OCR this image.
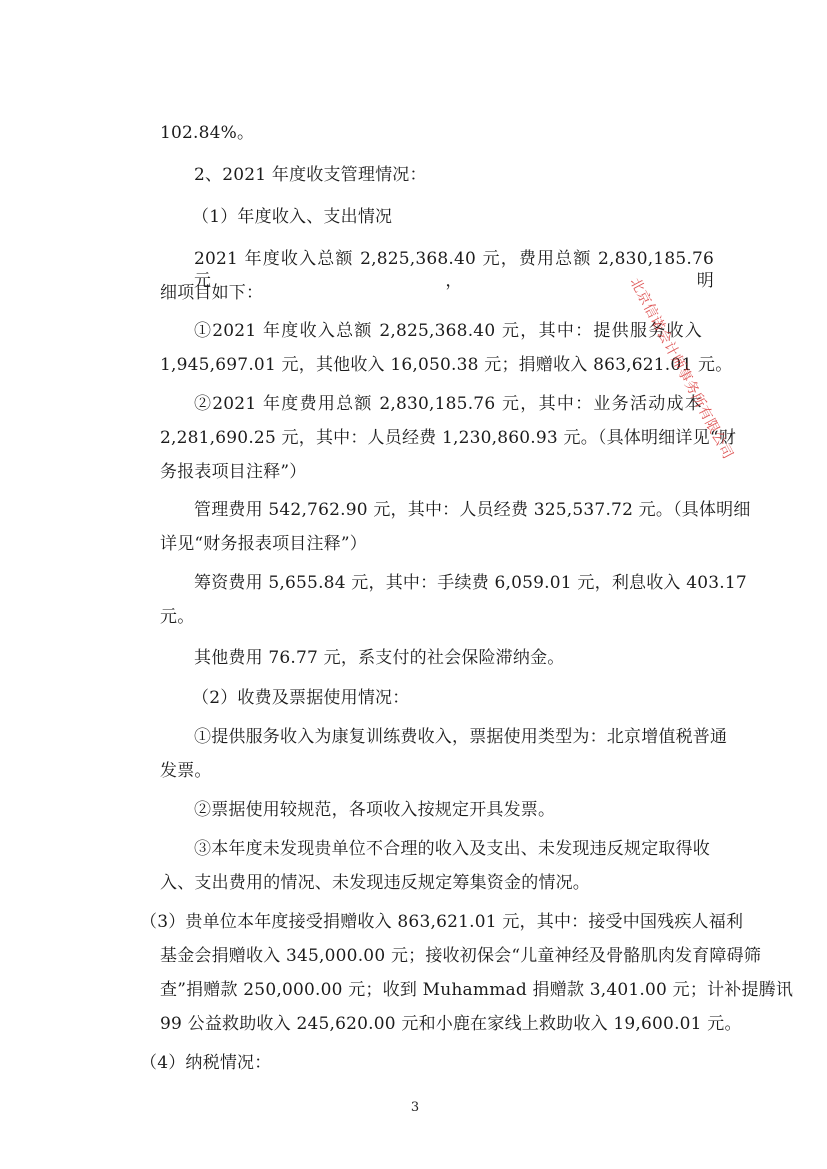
102.84%。
2、2021 年度收支管理情况：
（1）年度收入、支出情况
2021 年度收入总额 2,825,368.40 元，费用总额 2,830,185.76 元，明
细项目如下：
①2021 年度收入总额 2,825,368.40 元，其中：提供服务收入
1,945,697.01 元，其他收入 16,050.38 元；捐赠收入 863,621.01 元。
②2021 年度费用总额 2,830,185.76 元，其中：业务活动成本
2,281,690.25 元，其中：人员经费 1,230,860.93 元。（具体明细详见“财
务报表项目注释”）
管理费用 542,762.90 元，其中：人员经费 325,537.72 元。（具体明细
详见“财务报表项目注释”）
筹资费用 5,655.84 元，其中：手续费 6,059.01 元，利息收入 403.17
元。
其他费用 76.77 元，系支付的社会保险滞纳金。
（2）收费及票据使用情况：
①提供服务收入为康复训练费收入，票据使用类型为：北京增值税普通
发票。
②票据使用较规范，各项收入按规定开具发票。
③本年度未发现贵单位不合理的收入及支出、未发现违反规定取得收
入、支出费用的情况、未发现违反规定筹集资金的情况。
（3）贵单位本年度接受捐赠收入 863,621.01 元，其中：接受中国残疾人福利
基金会捐赠收入 345,000.00 元；接收初保会“儿童神经及骨骼肌肉发育障碍筛
查”捐赠款 250,000.00 元；收到 Muhammad 捐赠款 3,401.00 元；计补提腾讯
99 公益救助收入 245,620.00 元和小鹿在家线上救助收入 19,600.01 元。
（4）纳税情况：
3
北京信诺会计师事务所有限公司
